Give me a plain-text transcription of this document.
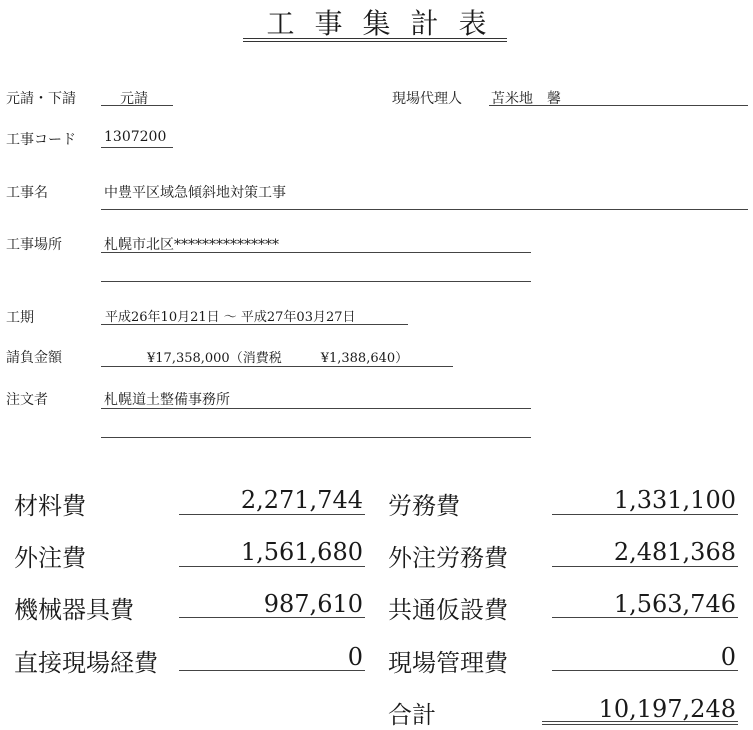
工事集計表
元請・下請	元請	現場代理人 苫米地　馨
工事コード 1307200
工事名	中豊平区域急傾斜地対策工事
工事場所	札幌市北区***************
工期	平成26年10月21日 ～ 平成27年03月27日
請負金額	¥17,358,000（消費税　　　¥1,388,640）
注文者	札幌道土整備事務所
材料費	2,271,744
外注費	1,561,680
機械器具費	987,610
直接現場経費	0
労務費	1,331,100
外注労務費	2,481,368
共通仮設費	1,563,746
現場管理費	0
合計	10,197,248
